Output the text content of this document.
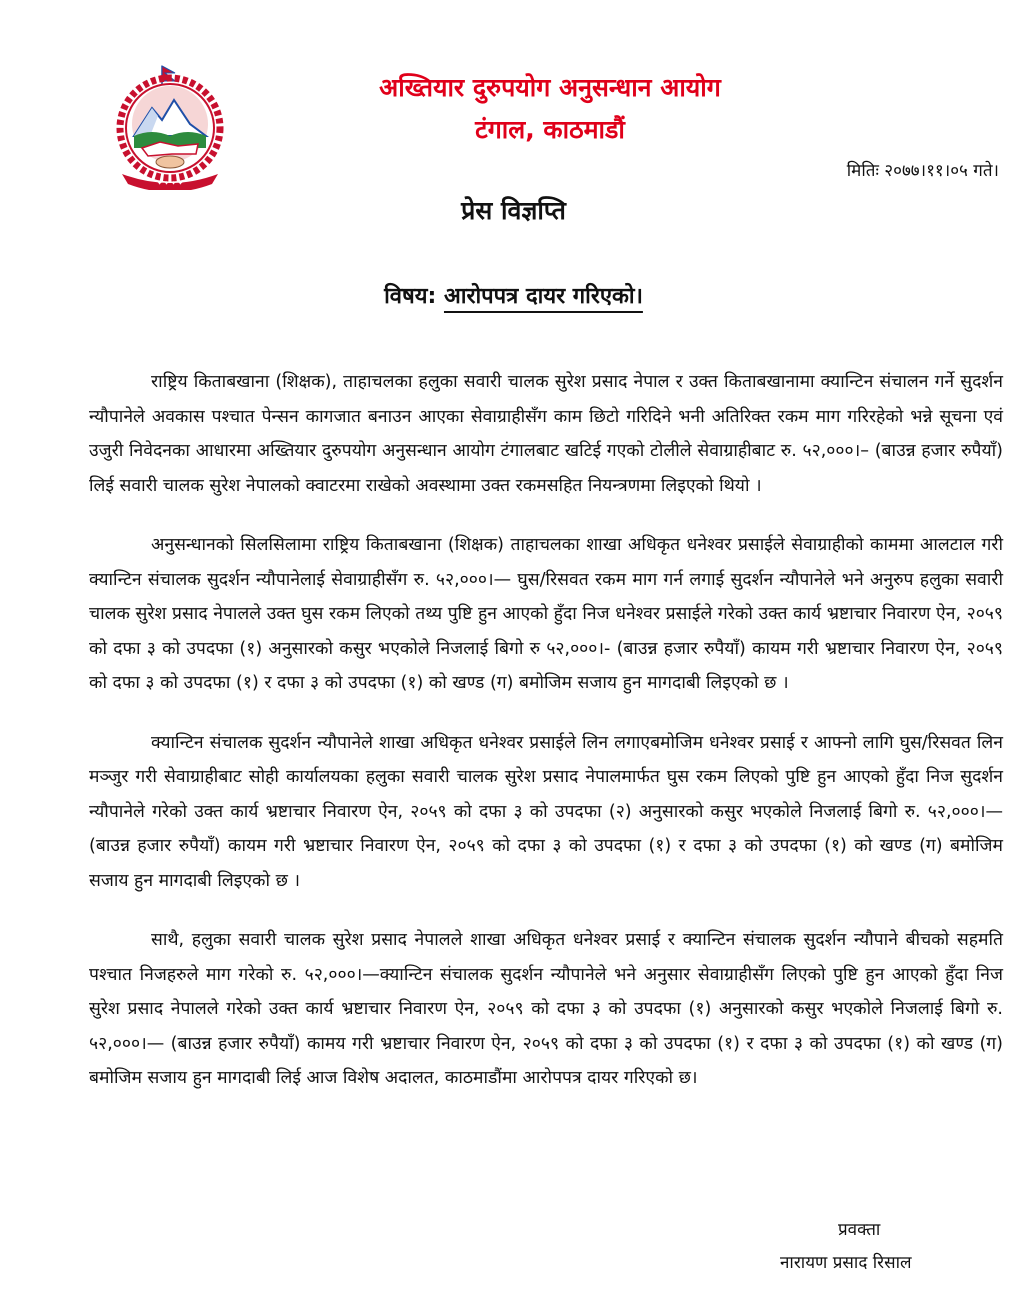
✦ ✦ ✦ ✦
अख्तियार दुरुपयोग अनुसन्धान आयोग
टंगाल, काठमाडौं
मितिः २०७७।११।०५ गते।
प्रेस विज्ञप्ति
विषय: आरोपपत्र दायर गरिएको।

राष्ट्रिय किताबखाना (शिक्षक), ताहाचलका हलुका सवारी चालक सुरेश प्रसाद नेपाल र उक्त किताबखानामा क्यान्टिन संचालन गर्ने सुदर्शन न्यौपानेले अवकास पश्चात पेन्सन कागजात बनाउन आएका सेवाग्राहीसँग काम छिटो गरिदिने भनी अतिरिक्त रकम माग गरिरहेको भन्ने सूचना एवं उजुरी निवेदनका आधारमा अख्तियार दुरुपयोग अनुसन्धान आयोग टंगालबाट खटिई गएको टोलीले सेवाग्राहीबाट रु. ५२,०००।– (बाउन्न हजार रुपैयाँ) लिई सवारी चालक सुरेश नेपालको क्वाटरमा राखेको अवस्थामा उक्त रकमसहित नियन्त्रणमा लिइएको थियो ।

अनुसन्धानको सिलसिलामा राष्ट्रिय किताबखाना (शिक्षक) ताहाचलका शाखा अधिकृत धनेश्वर प्रसाईले सेवाग्राहीको काममा आलटाल गरी क्यान्टिन संचालक सुदर्शन न्यौपानेलाई सेवाग्राहीसँग रु. ५२,०००।— घुस/रिसवत रकम माग गर्न लगाई सुदर्शन न्यौपानेले भने अनुरुप हलुका सवारी चालक सुरेश प्रसाद नेपालले उक्त घुस रकम लिएको तथ्य पुष्टि हुन आएको हुँदा निज धनेश्वर प्रसाईले गरेको उक्त कार्य भ्रष्टाचार निवारण ऐन, २०५९ को दफा ३ को उपदफा (१) अनुसारको कसुर भएकोले निजलाई बिगो रु ५२,०००।- (बाउन्न हजार रुपैयाँ) कायम गरी भ्रष्टाचार निवारण ऐन, २०५९ को दफा ३ को उपदफा (१) र दफा ३ को उपदफा (१) को खण्ड (ग) बमोजिम सजाय हुन मागदाबी लिइएको छ ।

क्यान्टिन संचालक सुदर्शन न्यौपानेले शाखा अधिकृत धनेश्वर प्रसाईले लिन लगाएबमोजिम धनेश्वर प्रसाई र आफ्नो लागि घुस/रिसवत लिन मञ्जुर गरी सेवाग्राहीबाट सोही कार्यालयका हलुका सवारी चालक सुरेश प्रसाद नेपालमार्फत घुस रकम लिएको पुष्टि हुन आएको हुँदा निज सुदर्शन न्यौपानेले गरेको उक्त कार्य भ्रष्टाचार निवारण ऐन, २०५९ को दफा ३ को उपदफा (२) अनुसारको कसुर भएकोले निजलाई बिगो रु. ५२,०००।— (बाउन्न हजार रुपैयाँ) कायम गरी भ्रष्टाचार निवारण ऐन, २०५९ को दफा ३ को उपदफा (१) र दफा ३ को उपदफा (१) को खण्ड (ग) बमोजिम सजाय हुन मागदाबी लिइएको छ ।

साथै, हलुका सवारी चालक सुरेश प्रसाद नेपालले शाखा अधिकृत धनेश्वर प्रसाई र क्यान्टिन संचालक सुदर्शन न्यौपाने बीचको सहमति पश्चात निजहरुले माग गरेको रु. ५२,०००।—क्यान्टिन संचालक सुदर्शन न्यौपानेले भने अनुसार सेवाग्राहीसँग लिएको पुष्टि हुन आएको हुँदा निज सुरेश प्रसाद नेपालले गरेको उक्त कार्य भ्रष्टाचार निवारण ऐन, २०५९ को दफा ३ को उपदफा (१) अनुसारको कसुर भएकोले निजलाई बिगो रु. ५२,०००।— (बाउन्न हजार रुपैयाँ) कामय गरी भ्रष्टाचार निवारण ऐन, २०५९ को दफा ३ को उपदफा (१) र दफा ३ को उपदफा (१) को खण्ड (ग) बमोजिम सजाय हुन मागदाबी लिई आज विशेष अदालत, काठमाडौंमा आरोपपत्र दायर गरिएको छ।

प्रवक्ता
नारायण प्रसाद रिसाल
